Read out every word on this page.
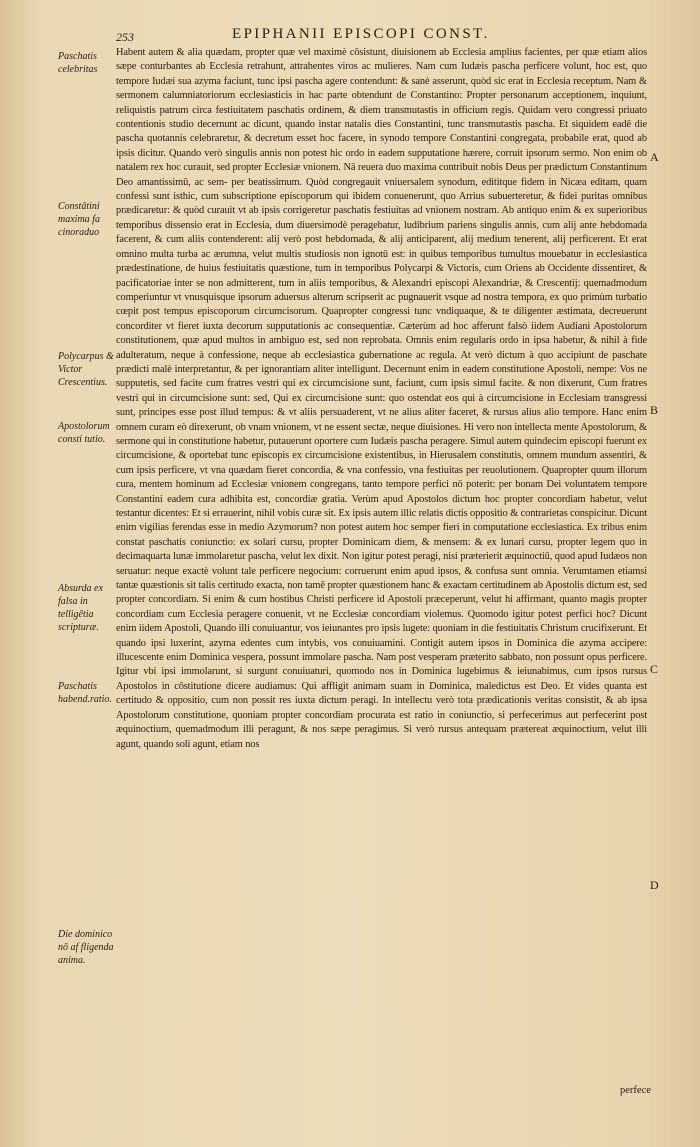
253	EPIPHANII EPISCOPI CONST.
Paschatis celebritas
Constātini maxima fa cinoraduo
Polycarpus & Victor Crescentius.
Apostolorum consti tutio.
Absurda ex falsa in telligētia scripturæ.
Paschatis habend.ratio.
Die dominico nō af fligenda anima.

Habent autem & alia quædam, propter quæ vel maximè cōsistunt, diuisionem ab Ecclesia amplius facientes, per quæ etiam alios sæpe conturbantes ab Ecclesia retrahunt, attrahentes viros ac mulieres. Nam cum Iudæis pascha perficere volunt, hoc est, quo tempore Iudæi sua azyma faciunt, tunc ipsi pascha agere contendunt: & sanè asserunt, quòd sic erat in Ecclesia receptum. Nam & sermonem calumniatoriorum ecclesiasticis in hac parte obtendunt de Constantino: Propter personarum acceptionem, inquiunt, reliquistis patrum circa festiuitatem paschatis ordinem, & diem transmutastis in officium regis. Quidam vero congressi priuato contentionis studio decernunt ac dicunt, quando instar natalis dies Constantini, tunc transmutastis pascha. Et siquidem eadē die pascha quotannis celebraretur, & decretum esset hoc facere, in synodo tempore Constantini congregata, probabile erat, quod ab ipsis dicitur. Quando verò singulis annis non potest hic ordo in eadem supputatione hærere, corruit ipsorum sermo. Non enim ob natalem rex hoc curauit, sed propter Ecclesiæ vnionem. Nā reuera duo maxima contribuit nobis Deus per prædictum Constantinum Deo amantissimū, ac sem- per beatissimum. Quòd congregauit vniuersalem synodum, edititque fidem in Nicæa editam, quam confessi sunt isthic, cum subscriptione episcoporum qui ibidem conuenerunt, quo Arrius subuerteretur, & fidei puritas omnibus prædicaretur: & quòd curauit vt ab ipsis corrigeretur paschatis festiuitas ad vnionem nostram. Ab antiquo enim & ex superioribus temporibus dissensio erat in Ecclesia, dum diuersimodè peragebatur, ludibrium pariens singulis annis, cum alij ante hebdomada facerent, & cum aliis contenderent: alij verò post hebdomada, & alij anticiparent, alij medium tenerent, alij perficerent. Et erat omnino multa turba ac ærumna, velut multis studiosis non ignotū est: in quibus temporibus tumultus mouebatur in ecclesiastica prædestinatione, de huius festiuitatis quæstione, tum in temporibus Polycarpi & Victoris, cum Oriens ab Occidente dissentiret, & pacificatoriae inter se non admitterent, tum in aliis temporibus, & Alexandri episcopi Alexandriæ, & Crescentij: quemadmodum comperiuntur vt vnusquisque ipsorum aduersus alterum scripserit ac pugnauerit vsque ad nostra tempora, ex quo primùm turbatio cœpit post tempus episcoporum circumcisorum. Quapropter congressi tunc vndiquaque, & te diligenter æstimata, decreuerunt concorditer vt fieret iuxta decorum supputationis ac consequentiæ. Cæterùm ad hoc afferunt falsò iidem Audiani Apostolorum constitutionem, quæ apud multos in ambiguo est, sed non reprobata. Omnis enim regularis ordo in ipsa habetur, & nihil à fide adulteratum, neque à confessione, neque ab ecclesiastica gubernatione ac regula. At verò dictum à quo accipiunt de paschate prædicti malè interpretantur, & per ignorantiam aliter intelligunt. Decernunt enim in eadem constitutione Apostoli, nempe: Vos ne supputetis, sed facite cum fratres vestri qui ex circumcisione sunt, faciunt, cum ipsis simul facite. & non dixerunt, Cum fratres vestri qui in circumcisione sunt: sed, Qui ex circumcisione sunt: quo ostendat eos qui à circumcisione in Ecclesiam transgressi sunt, principes esse post illud tempus: & vt aliis persuaderent, vt ne alius aliter faceret, & rursus alius alio tempore. Hanc enim omnem curam eò direxerunt, ob vnam vnionem, vt ne essent sectæ, neque diuisiones. Hi vero non intellecta mente Apostolorum, & sermone qui in constitutione habetur, putauerunt oportere cum Iudæis pascha peragere. Simul autem quindecim episcopi fuerunt ex circumcisione, & oportebat tunc episcopis ex circumcisione existentibus, in Hierusalem constitutis, omnem mundum assentiri, & cum ipsis perficere, vt vna quædam fieret concordia, & vna confessio, vna festiuitas per reuolutionem. Quapropter quum illorum cura, mentem hominum ad Ecclesiæ vnionem congregans, tanto tempore perfici nō poterit: per bonam Dei voluntatem tempore Constantini eadem cura adhibita est, concordiæ gratia. Verùm apud Apostolos dictum hoc propter concordiam habetur, velut testantur dicentes: Et si errauerint, nihil vobis curæ sit. Ex ipsis autem illic relatis dictis oppositio & contrarietas conspicitur. Dicunt enim vigilias ferendas esse in medio Azymorum? non potest autem hoc semper fieri in computatione ecclesiastica. Ex tribus enim constat paschatis coniunctio: ex solari cursu, propter Dominicam diem, & mensem: & ex lunari cursu, propter legem quo in decimaquarta lunæ immolaretur pascha, velut lex dixit. Non igitur potest peragi, nisi præterierit æquinoctiū, quod apud Iudæos non seruatur: neque exactè volunt tale perficere negocium: corruerunt enim apud ipsos, & confusa sunt omnia. Verumtamen etiamsi tantæ quæstionis sit talis certitudo exacta, non tamē propter quæstionem hanc & exactam certitudinem ab Apostolis dictum est, sed propter concordiam. Si enim & cum hostibus Christi perficere id Apostoli præceperunt, velut hi affirmant, quanto magis propter concordiam cum Ecclesia peragere conuenit, vt ne Ecclesiæ concordiam violemus. Quomodo igitur potest perfici hoc? Dicunt enim iidem Apostoli, Quando illi conuiuantur, vos ieiunantes pro ipsis lugete: quoniam in die festiuitatis Christum crucifixerunt. Et quando ipsi luxerint, azyma edentes cum intybis, vos conuiuamini. Contigit autem ipsos in Dominica die azyma accipere: illucescente enim Dominica vespera, possunt immolare pascha. Nam post vesperam præterito sabbato, non possunt opus perficere. Igitur vbi ipsi immolarunt, si surgunt conuiuaturi, quomodo nos in Dominica lugebimus & ieiunabimus, cum ipsos rursus Apostolos in cōstitutione dicere audiamus: Qui affligit animam suam in Dominica, maledictus est Deo. Et vides quanta est certitudo & oppositio, cum non possit res iuxta dictum peragi. In intellectu verò tota prædicationis veritas consistit, & ab ipsa Apostolorum constitutione, quoniam propter concordiam procurata est ratio in coniunctio, si perfecerimus aut perfecerint post æquinoctium, quemadmodum illi peragunt, & nos sæpe peragimus. Si verò rursus antequam prætereat æquinoctium, velut illi agunt, quando soli agunt, etiam nos

A
B
C
D
perfece
